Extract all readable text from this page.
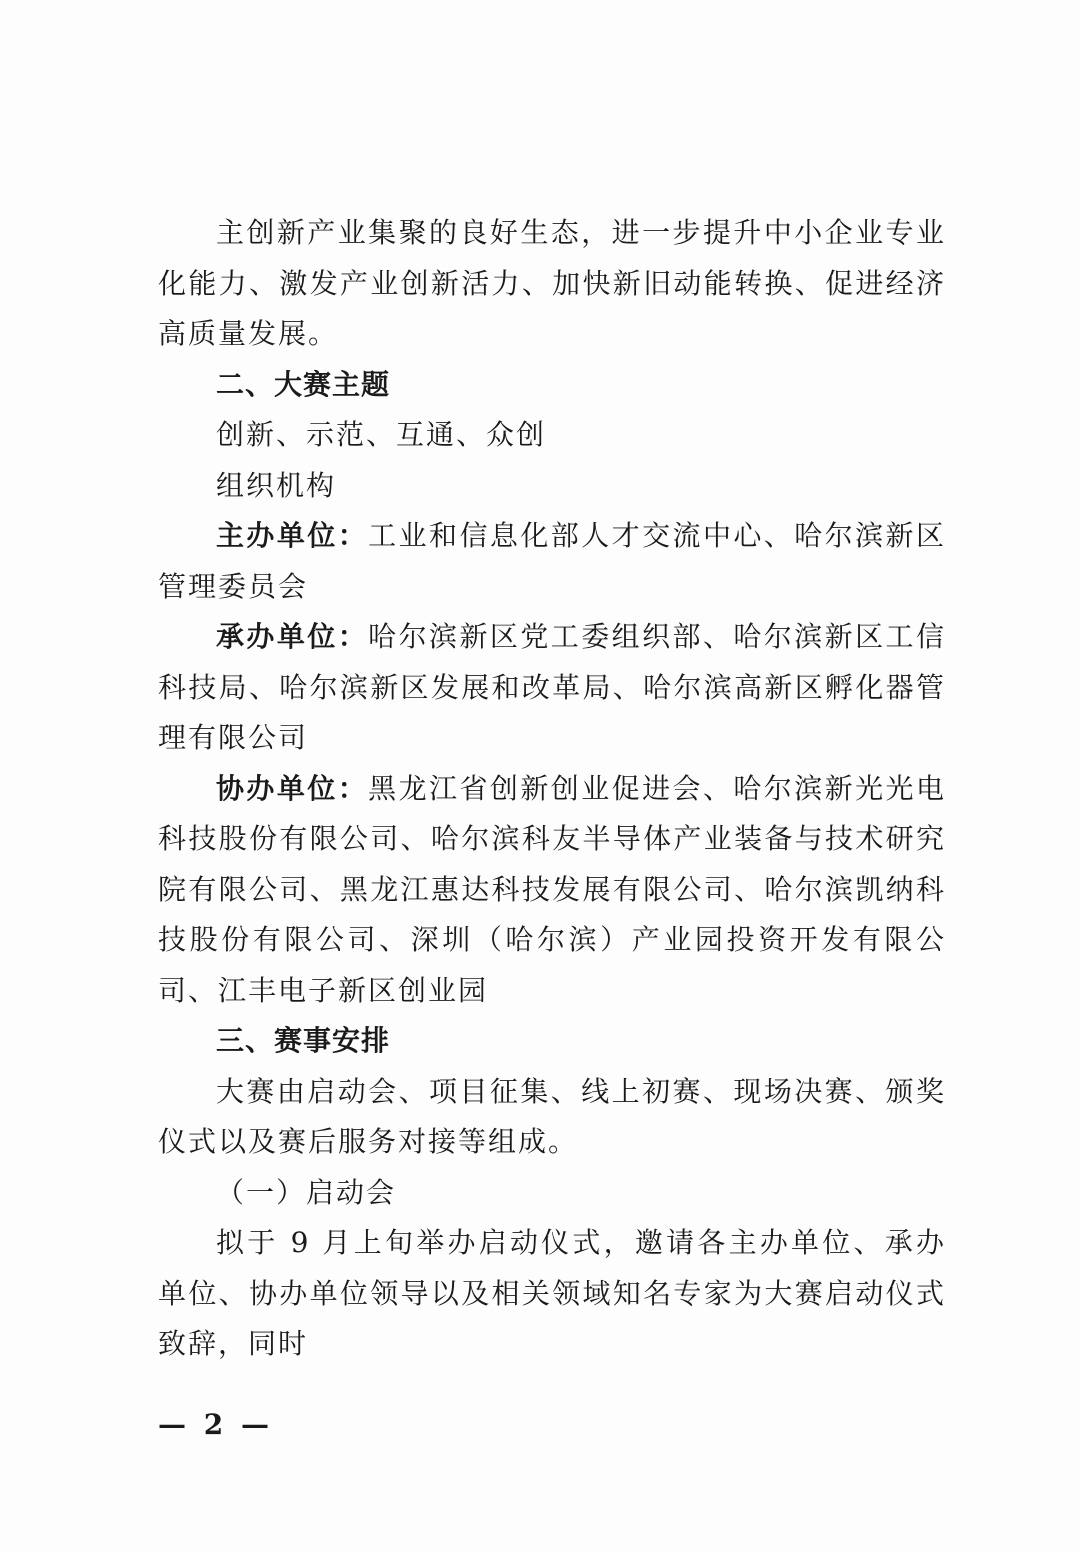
主创新产业集聚的良好生态，进一步提升中小企业专业化能力、激发产业创新活力、加快新旧动能转换、促进经济高质量发展。

二、大赛主题

创新、示范、互通、众创

组织机构

主办单位：工业和信息化部人才交流中心、哈尔滨新区管理委员会

承办单位：哈尔滨新区党工委组织部、哈尔滨新区工信科技局、哈尔滨新区发展和改革局、哈尔滨高新区孵化器管理有限公司

协办单位：黑龙江省创新创业促进会、哈尔滨新光光电科技股份有限公司、哈尔滨科友半导体产业装备与技术研究院有限公司、黑龙江惠达科技发展有限公司、哈尔滨凯纳科技股份有限公司、深圳（哈尔滨）产业园投资开发有限公司、江丰电子新区创业园

三、赛事安排

大赛由启动会、项目征集、线上初赛、现场决赛、颁奖仪式以及赛后服务对接等组成。

（一）启动会

拟于 9 月上旬举办启动仪式，邀请各主办单位、承办单位、协办单位领导以及相关领域知名专家为大赛启动仪式致辞，同时

— 2 —
